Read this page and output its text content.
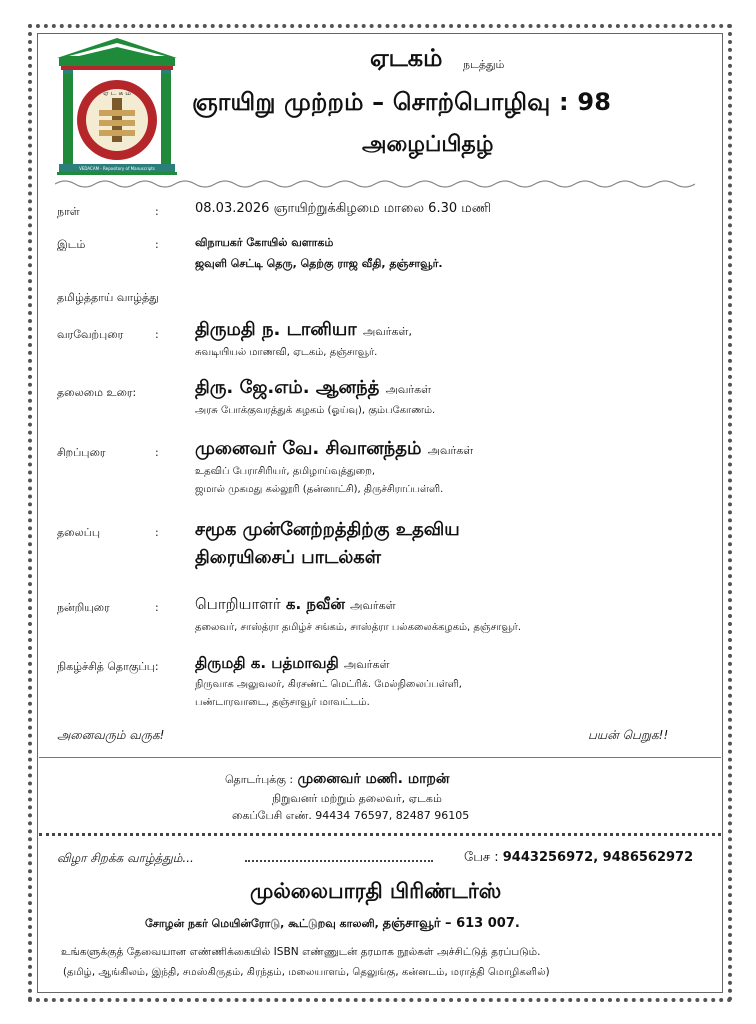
ஏ ட க ம்
VEDACAM - Repository of Manuscripts
ஏடகம் நடத்தும்
ஞாயிறு முற்றம் – சொற்பொழிவு : 98
அழைப்பிதழ்
நாள்	:	08.03.2026 ஞாயிற்றுக்கிழமை மாலை 6.30 மணி
இடம்	:	விநாயகர் கோயில் வளாகம்
ஜவுளி செட்டி தெரு, தெற்கு ராஜ வீதி, தஞ்சாவூர்.
தமிழ்த்தாய் வாழ்த்து
வரவேற்புரை	: திருமதி ந. டானியா அவர்கள்,
சுவடியியல் மாணவி, ஏடகம், தஞ்சாவூர்.
தலைமை உரை:	திரு. ஜே.எம். ஆனந்த் அவர்கள்
அரசு போக்குவரத்துக் கழகம் (ஓய்வு), கும்பகோணம்.
சிறப்புரை	: முனைவர் வே. சிவானந்தம் அவர்கள்
உதவிப் பேராசிரியர், தமிழாய்வுத்துறை,
ஜமால் முகமது கல்லூரி (தன்னாட்சி), திருச்சிராப்பள்ளி.
தலைப்பு	: சமூக முன்னேற்றத்திற்கு உதவிய
திரையிசைப் பாடல்கள்
நன்றியுரை	: பொறியாளர் க. நவீன் அவர்கள்
தலைவர், சாஸ்த்ரா தமிழ்ச் சங்கம், சாஸ்த்ரா பல்கலைக்கழகம், தஞ்சாவூர்.
நிகழ்ச்சித் தொகுப்பு: திருமதி க. பத்மாவதி அவர்கள்
நிருவாக அலுவலர், கிரசண்ட் மெட்ரிக். மேல்நிலைப்பள்ளி,
பண்டாரவாடை, தஞ்சாவூர் மாவட்டம்.
அனைவரும் வருக!	பயன் பெறுக!!
தொடர்புக்கு : முனைவர் மணி. மாறன்
நிறுவனர் மற்றும் தலைவர், ஏடகம்
கைப்பேசி எண். 94434 76597, 82487 96105
விழா சிறக்க வாழ்த்தும்...	பேச : 9443256972, 9486562972
முல்லைபாரதி பிரிண்டர்ஸ்
சோழன் நகர் மெயின்ரோடு, கூட்டுறவு காலனி, தஞ்சாவூர் – 613 007.
உங்களுக்குத் தேவையான எண்ணிக்கையில் ISBN எண்ணுடன் தரமாக நூல்கள் அச்சிட்டுத் தரப்படும்.
(தமிழ், ஆங்கிலம், இந்தி, சமஸ்கிருதம், கிரந்தம், மலையாளம், தெலுங்கு, கன்னடம், மராத்தி மொழிகளில்)
